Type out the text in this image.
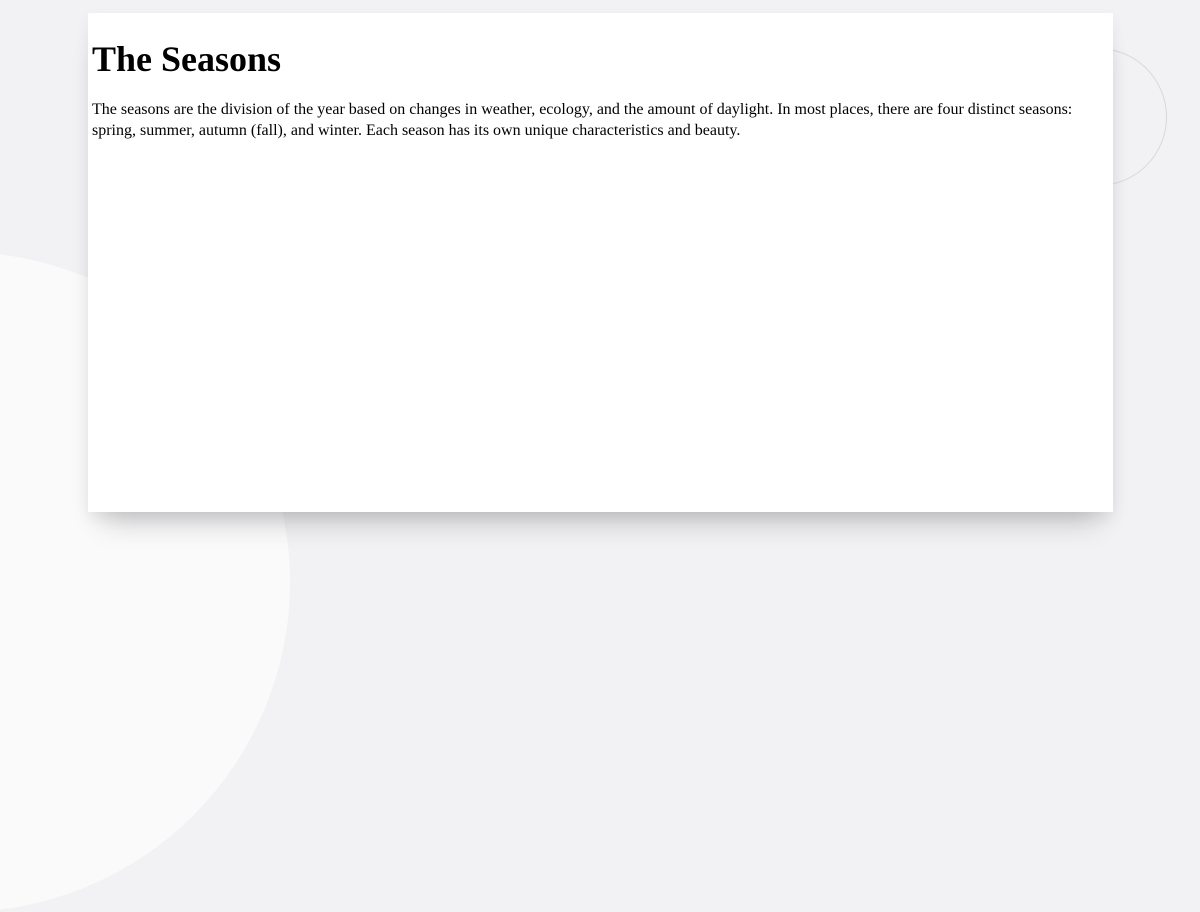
The Seasons

The seasons are the division of the year based on changes in weather, ecology, and the amount of daylight. In most places, there are four distinct seasons: spring, summer, autumn (fall), and winter. Each season has its own unique characteristics and beauty.
